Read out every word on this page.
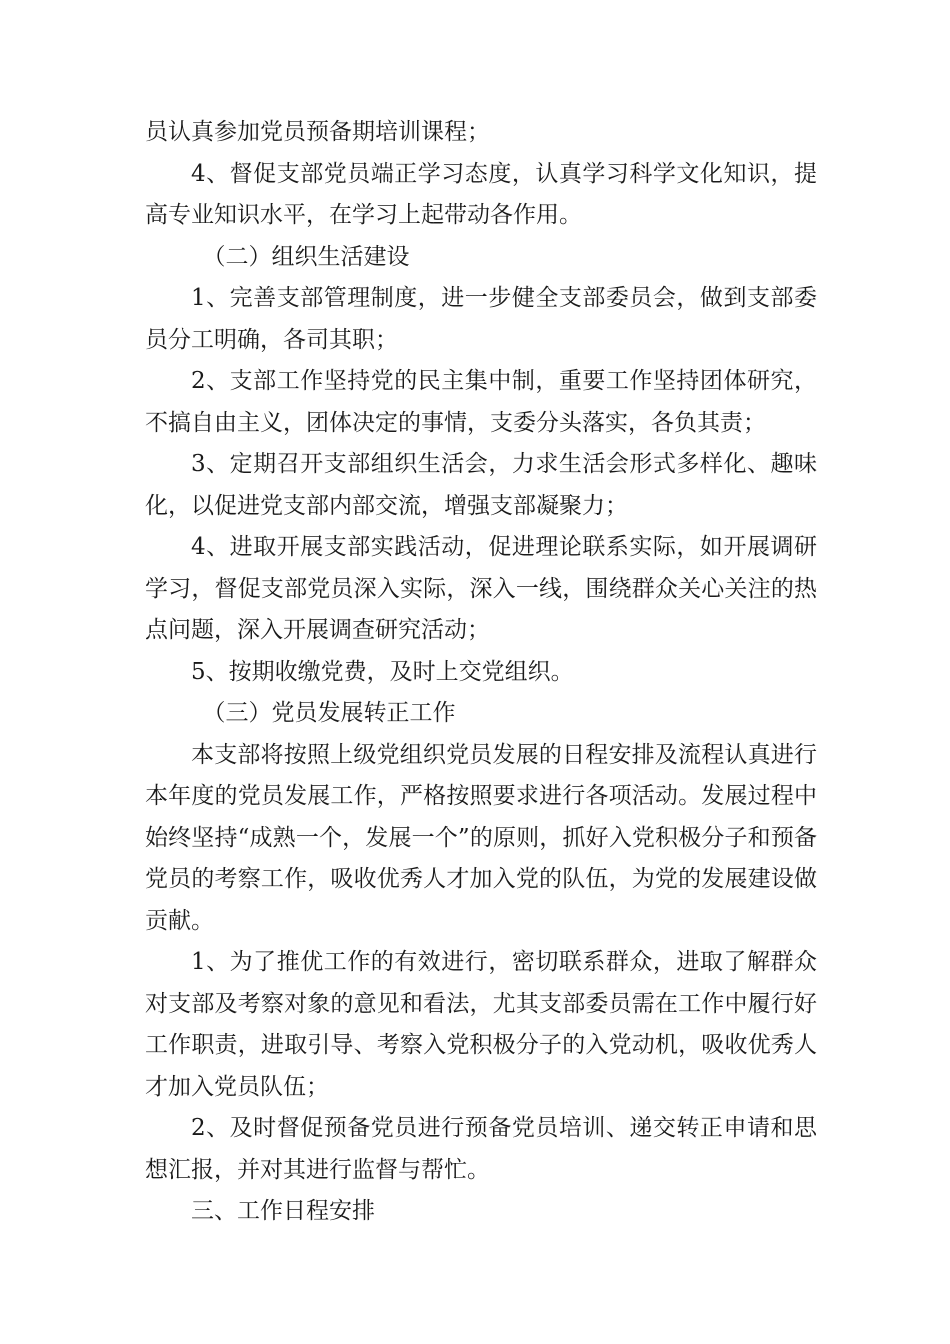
员认真参加党员预备期培训课程；

4、督促支部党员端正学习态度，认真学习科学文化知识，提高专业知识水平，在学习上起带动各作用。

（二）组织生活建设

1、完善支部管理制度，进一步健全支部委员会，做到支部委员分工明确，各司其职；

2、支部工作坚持党的民主集中制，重要工作坚持团体研究，不搞自由主义，团体决定的事情，支委分头落实，各负其责；

3、定期召开支部组织生活会，力求生活会形式多样化、趣味化，以促进党支部内部交流，增强支部凝聚力；

4、进取开展支部实践活动，促进理论联系实际，如开展调研学习，督促支部党员深入实际，深入一线，围绕群众关心关注的热点问题，深入开展调查研究活动；

5、按期收缴党费，及时上交党组织。

（三）党员发展转正工作

本支部将按照上级党组织党员发展的日程安排及流程认真进行本年度的党员发展工作，严格按照要求进行各项活动。发展过程中始终坚持“成熟一个，发展一个”的原则，抓好入党积极分子和预备党员的考察工作，吸收优秀人才加入党的队伍，为党的发展建设做贡献。

1、为了推优工作的有效进行，密切联系群众，进取了解群众对支部及考察对象的意见和看法，尤其支部委员需在工作中履行好工作职责，进取引导、考察入党积极分子的入党动机，吸收优秀人才加入党员队伍；

2、及时督促预备党员进行预备党员培训、递交转正申请和思想汇报，并对其进行监督与帮忙。

三、工作日程安排
